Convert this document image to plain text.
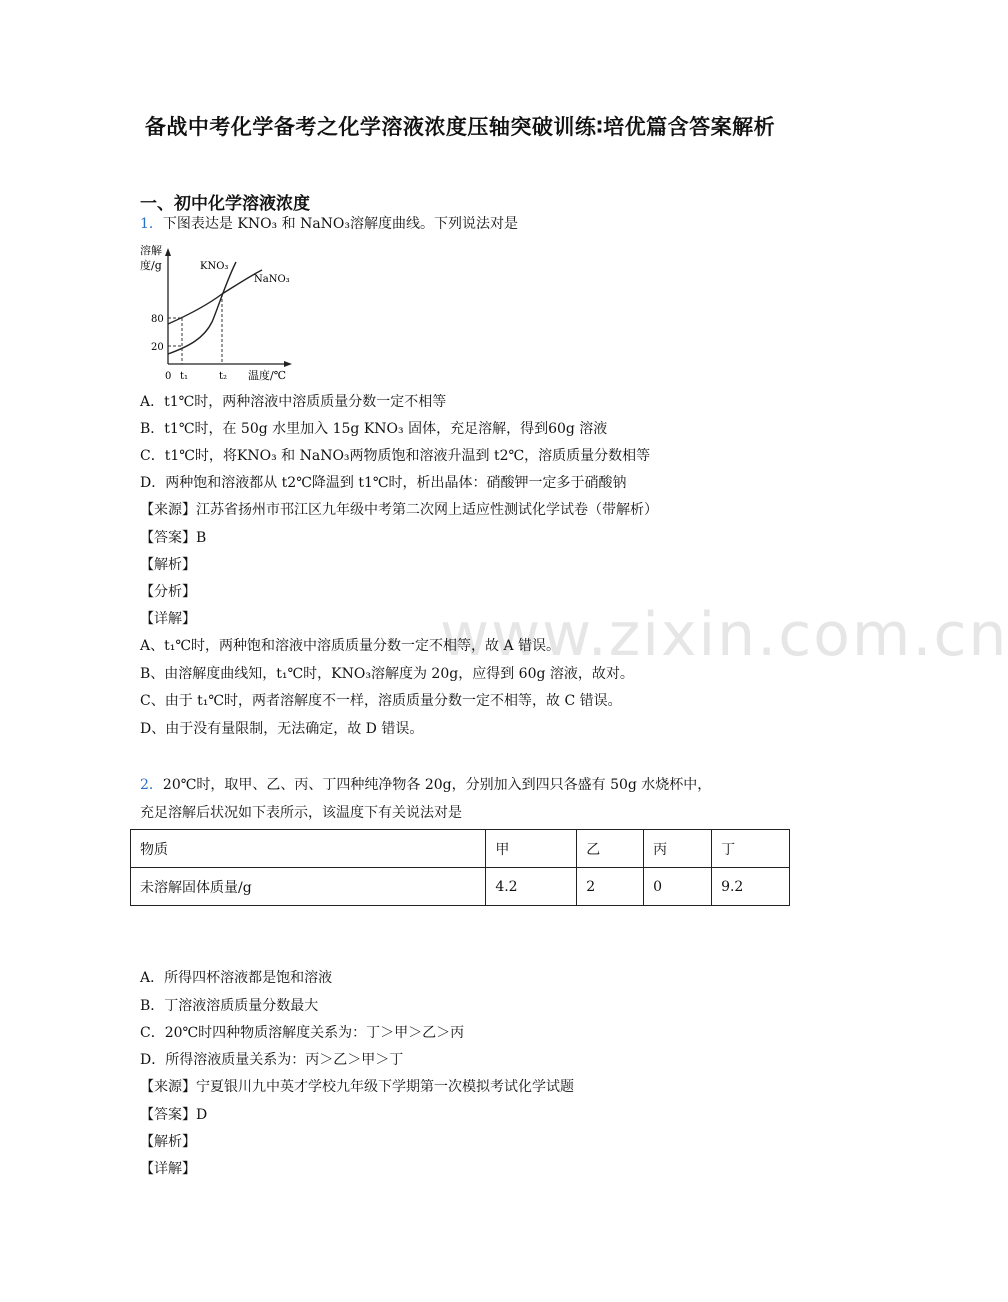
备战中考化学备考之化学溶液浓度压轴突破训练∶培优篇含答案解析
www.zixin.com.cn
一、初中化学溶液浓度
1．下图表达是 KNO₃ 和 NaNO₃溶解度曲线。下列说法对是
溶解
度/g
80
20
0 t₁	t₂ 温度/℃
KNO₃
NaNO₃
A．t1℃时，两种溶液中溶质质量分数一定不相等
B．t1℃时，在 50g 水里加入 15g KNO₃ 固体，充足溶解，得到60g 溶液
C．t1℃时，将KNO₃ 和 NaNO₃两物质饱和溶液升温到 t2℃，溶质质量分数相等
D．两种饱和溶液都从 t2℃降温到 t1℃时，析出晶体：硝酸钾一定多于硝酸钠
【来源】江苏省扬州市邗江区九年级中考第二次网上适应性测试化学试卷（带解析）
【答案】B
【解析】
【分析】
【详解】
A、t₁℃时，两种饱和溶液中溶质质量分数一定不相等，故 A 错误。
B、由溶解度曲线知，t₁℃时，KNO₃溶解度为 20g，应得到 60g 溶液，故对。
C、由于 t₁℃时，两者溶解度不一样，溶质质量分数一定不相等，故 C 错误。
D、由于没有量限制，无法确定，故 D 错误。
2．20℃时，取甲、乙、丙、丁四种纯净物各 20g，分别加入到四只各盛有 50g 水烧杯中，
充足溶解后状况如下表所示，该温度下有关说法对是
物质	甲	乙	丙	丁
未溶解固体质量/g	4.2	2	0	9.2
A．所得四杯溶液都是饱和溶液
B．丁溶液溶质质量分数最大
C．20℃时四种物质溶解度关系为：丁＞甲＞乙＞丙
D．所得溶液质量关系为：丙＞乙＞甲＞丁
【来源】宁夏银川九中英才学校九年级下学期第一次模拟考试化学试题
【答案】D
【解析】
【详解】
